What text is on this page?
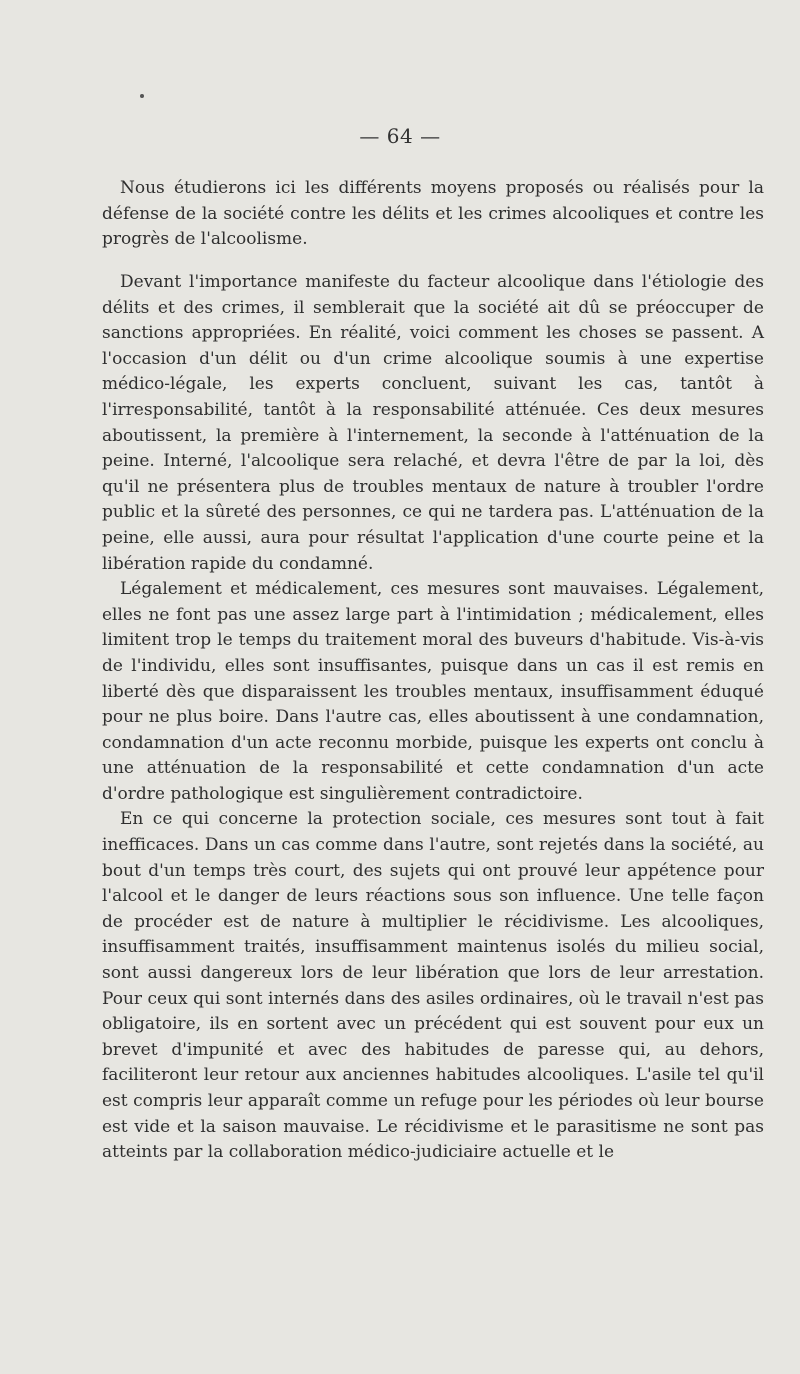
— 64 —

Nous étudierons ici les différents moyens proposés ou réalisés pour la défense de la société contre les délits et les crimes alcooliques et contre les progrès de l'alcoolisme.

Devant l'importance manifeste du facteur alcoolique dans l'étiologie des délits et des crimes, il semblerait que la société ait dû se préoccuper de sanctions appropriées. En réalité, voici comment les choses se passent. A l'occasion d'un délit ou d'un crime alcoolique soumis à une expertise médico-légale, les experts concluent, suivant les cas, tantôt à l'irresponsabilité, tantôt à la responsabilité atténuée. Ces deux mesures aboutissent, la première à l'internement, la seconde à l'atténuation de la peine. Interné, l'alcoolique sera relaché, et devra l'être de par la loi, dès qu'il ne présentera plus de troubles mentaux de nature à troubler l'ordre public et la sûreté des personnes, ce qui ne tardera pas. L'atténuation de la peine, elle aussi, aura pour résultat l'application d'une courte peine et la libération rapide du condamné.

Légalement et médicalement, ces mesures sont mauvaises. Légalement, elles ne font pas une assez large part à l'intimidation ; médicalement, elles limitent trop le temps du traitement moral des buveurs d'habitude. Vis-à-vis de l'individu, elles sont insuffisantes, puisque dans un cas il est remis en liberté dès que disparaissent les troubles mentaux, insuffisamment éduqué pour ne plus boire. Dans l'autre cas, elles aboutissent à une condamnation, condamnation d'un acte reconnu morbide, puisque les experts ont conclu à une atténuation de la responsabilité et cette condamnation d'un acte d'ordre pathologique est singulièrement contradictoire.

En ce qui concerne la protection sociale, ces mesures sont tout à fait inefficaces. Dans un cas comme dans l'autre, sont rejetés dans la société, au bout d'un temps très court, des sujets qui ont prouvé leur appétence pour l'alcool et le danger de leurs réactions sous son influence. Une telle façon de procéder est de nature à multiplier le récidivisme. Les alcooliques, insuffisamment traités, insuffisamment maintenus isolés du milieu social, sont aussi dangereux lors de leur libération que lors de leur arrestation. Pour ceux qui sont internés dans des asiles ordinaires, où le travail n'est pas obligatoire, ils en sortent avec un précédent qui est souvent pour eux un brevet d'impunité et avec des habitudes de paresse qui, au dehors, faciliteront leur retour aux anciennes habitudes alcooliques. L'asile tel qu'il est compris leur apparaît comme un refuge pour les périodes où leur bourse est vide et la saison mauvaise. Le récidivisme et le parasitisme ne sont pas atteints par la collaboration médico-judiciaire actuelle et le
